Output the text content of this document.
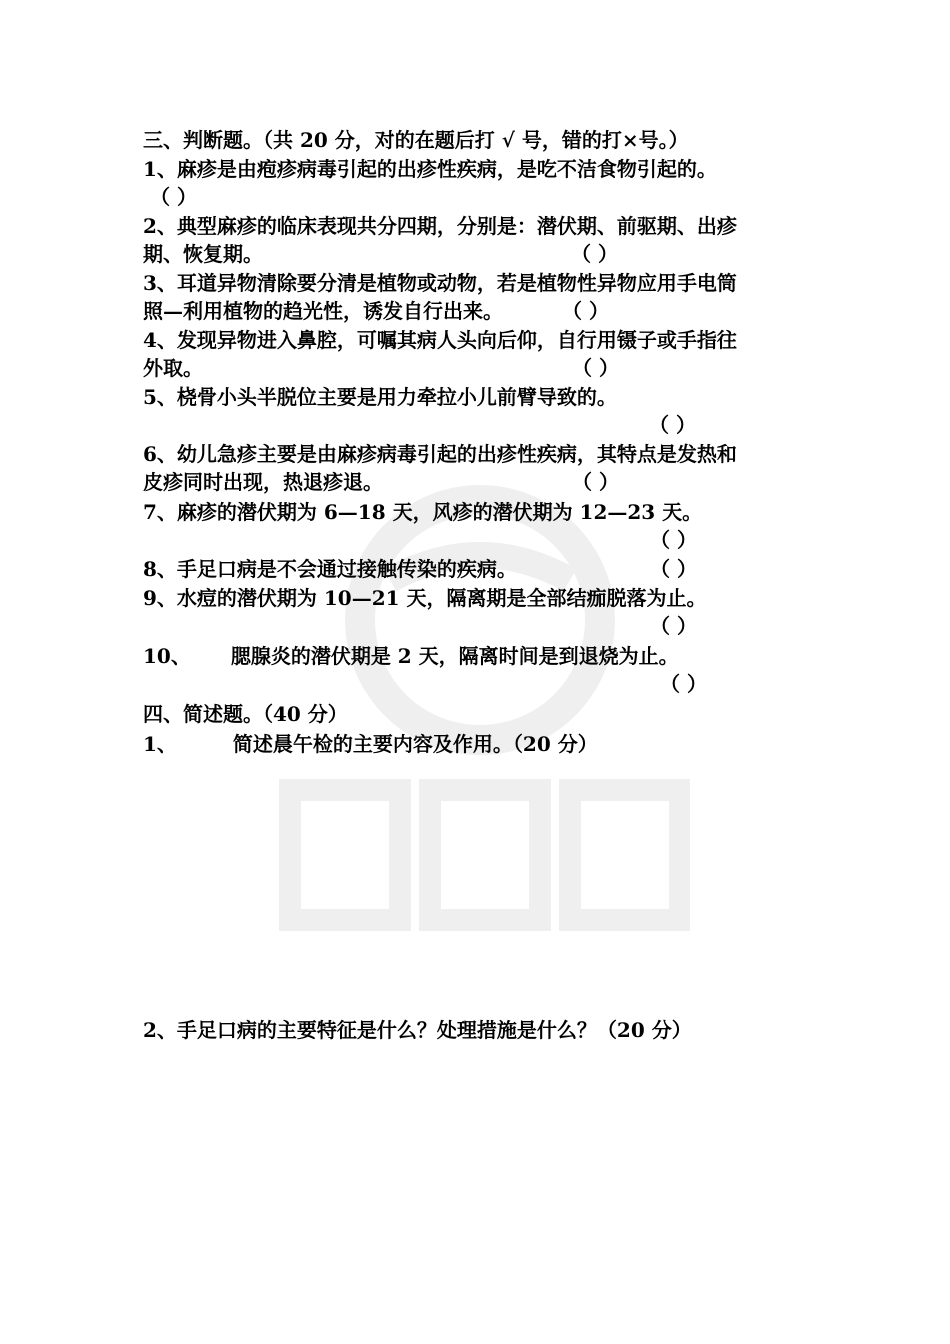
三、判断题。（共 20 分，对的在题后打 √ 号，错的打×号。）
1、麻疹是由疱疹病毒引起的出疹性疾病，是吃不洁食物引起的。
（ ）
2、典型麻疹的临床表现共分四期，分别是：潜伏期、前驱期、出疹
期、恢复期。	（ ）
3、耳道异物清除要分清是植物或动物，若是植物性异物应用手电筒
照—利用植物的趋光性，诱发自行出来。	（ ）
4、发现异物进入鼻腔，可嘱其病人头向后仰，自行用镊子或手指往
外取。	（ ）
5、桡骨小头半脱位主要是用力牵拉小儿前臂导致的。
（ ）
6、幼儿急疹主要是由麻疹病毒引起的出疹性疾病，其特点是发热和
皮疹同时出现，热退疹退。	（ ）
7、麻疹的潜伏期为 6—18 天，风疹的潜伏期为 12—23 天。
（ ）
8、手足口病是不会通过接触传染的疾病。	（ ）
9、水痘的潜伏期为 10—21 天，隔离期是全部结痂脱落为止。
（ ）
10、 腮腺炎的潜伏期是 2 天，隔离时间是到退烧为止。
（ ）
四、简述题。（40 分）
1、	简述晨午检的主要内容及作用。（20 分）
2、手足口病的主要特征是什么？处理措施是什么？（20 分）
